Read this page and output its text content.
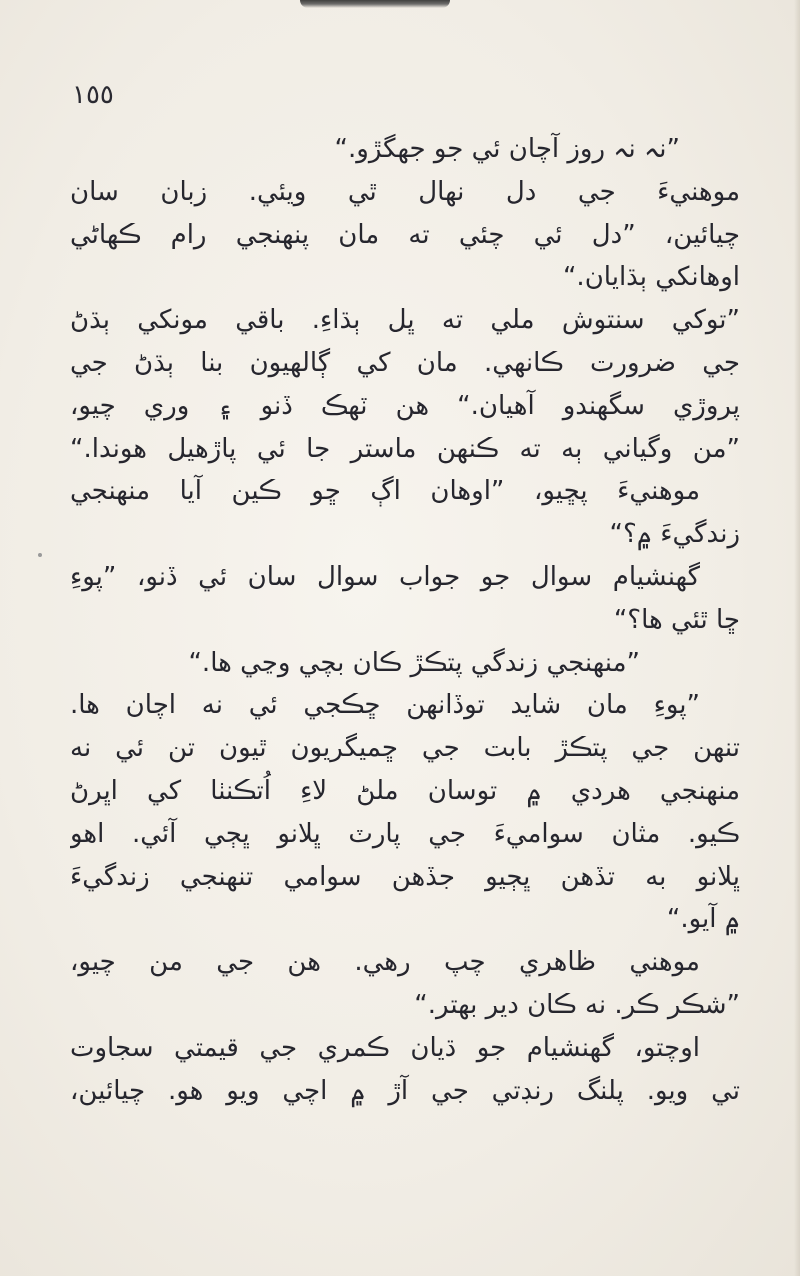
١٥٥
”نہ نہ روز آچان ئي جو جهگڙو.“
موهنيءَ جي دل نهال ٿي ويئي. زبان سان
چيائين، ”دل ئي چئي ته مان پنهنجي رام ڪهاڻي
اوهانکي ٻڌايان.“
”توکي سنتوش ملي ته ڀل ٻڌاءِ. باقي مونکي ٻڌڻ
جي ضرورت ڪانهي. مان کي ڳالهيون بنا ٻڌڻ جي
پروڙي سگهندو آهيان.“ هن ٽهڪ ڏنو ۽ وري چيو،
”من وگياني ٻه ته ڪنهن ماستر جا ئي پاڙهيل هوندا.“
موهنيءَ پڇيو، ”اوهان اڳ ڇو ڪين آيا منهنجي
زندگيءَ ۾؟“
گهنشيام سوال جو جواب سوال سان ئي ڏنو، ”پوءِ
ڇا ٿئي ها؟“
”منهنجي زندگي پتڪڙ ڪان بچي وڃي ها.“
”پوءِ مان شايد توڏانهن ڇڪجي ئي نه اچان ها.
تنهن جي پتڪڙ بابت جي ڇميگريون ٿيون تن ئي نه
منهنجي هردي ۾ توسان ملڻ لاءِ اُتڪنٺا کي اڀرڻ
ڪيو. مثان سواميءَ جي پارٽ ڀلانو ڀڄي آئي. اهو
ڀلانو به تڏهن ڀڄيو جڏهن سوامي تنهنجي زندگيءَ
۾ آيو.“
موهني ظاهري چپ رهي. هن جي من چيو،
”شڪر ڪر. نه ڪان دير بهتر.“
اوچتو، گهنشيام جو ڌيان ڪمري جي قيمتي سجاوت
تي ويو. پلنگ رنڊتي جي آڙ ۾ اچي ويو هو. چيائين،
